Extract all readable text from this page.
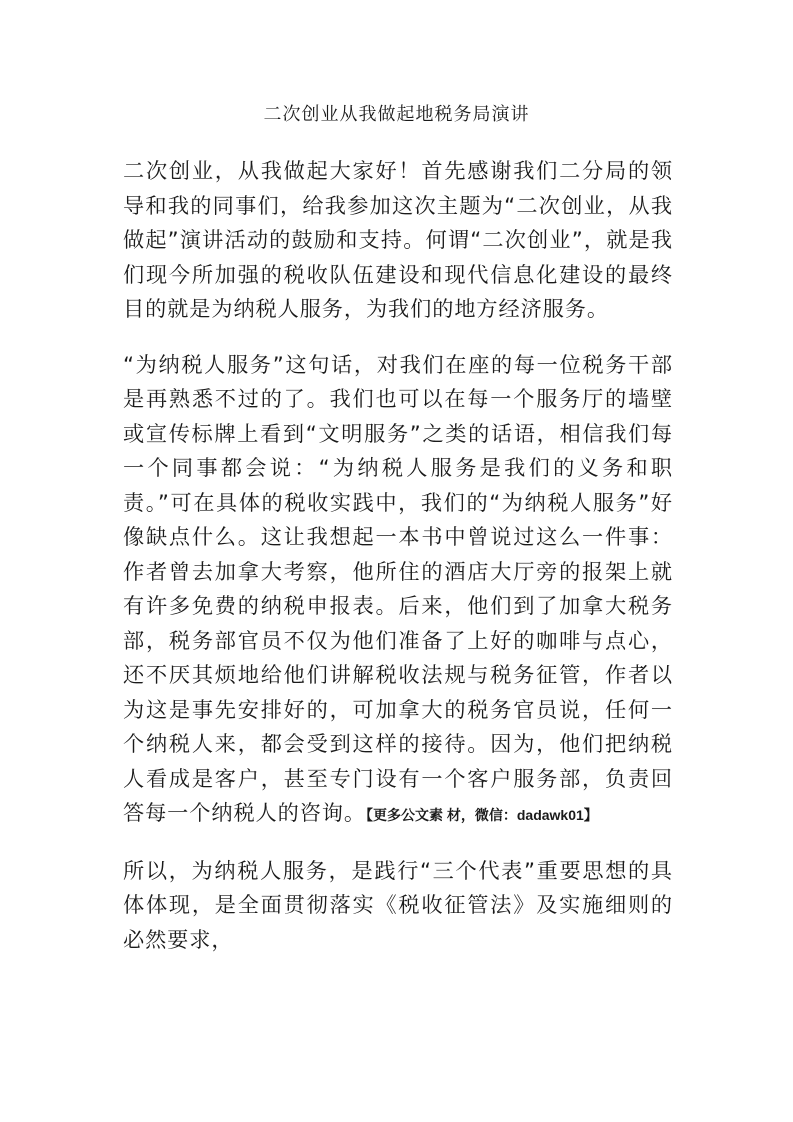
二次创业从我做起地税务局演讲

二次创业，从我做起大家好！首先感谢我们二分局的领导和我的同事们，给我参加这次主题为“二次创业，从我做起”演讲活动的鼓励和支持。何谓“二次创业”，就是我们现今所加强的税收队伍建设和现代信息化建设的最终目的就是为纳税人服务，为我们的地方经济服务。

“为纳税人服务”这句话，对我们在座的每一位税务干部是再熟悉不过的了。我们也可以在每一个服务厅的墙壁或宣传标牌上看到“文明服务”之类的话语，相信我们每一个同事都会说：“为纳税人服务是我们的义务和职责。”可在具体的税收实践中，我们的“为纳税人服务”好像缺点什么。这让我想起一本书中曾说过这么一件事：作者曾去加拿大考察，他所住的酒店大厅旁的报架上就有许多免费的纳税申报表。后来，他们到了加拿大税务部，税务部官员不仅为他们准备了上好的咖啡与点心，还不厌其烦地给他们讲解税收法规与税务征管，作者以为这是事先安排好的，可加拿大的税务官员说，任何一个纳税人来，都会受到这样的接待。因为，他们把纳税人看成是客户，甚至专门设有一个客户服务部，负责回答每一个纳税人的咨询。【更多公文素 材，微信：dadawk01】

所以，为纳税人服务，是践行“三个代表”重要思想的具体体现，是全面贯彻落实《税收征管法》及实施细则的必然要求，
